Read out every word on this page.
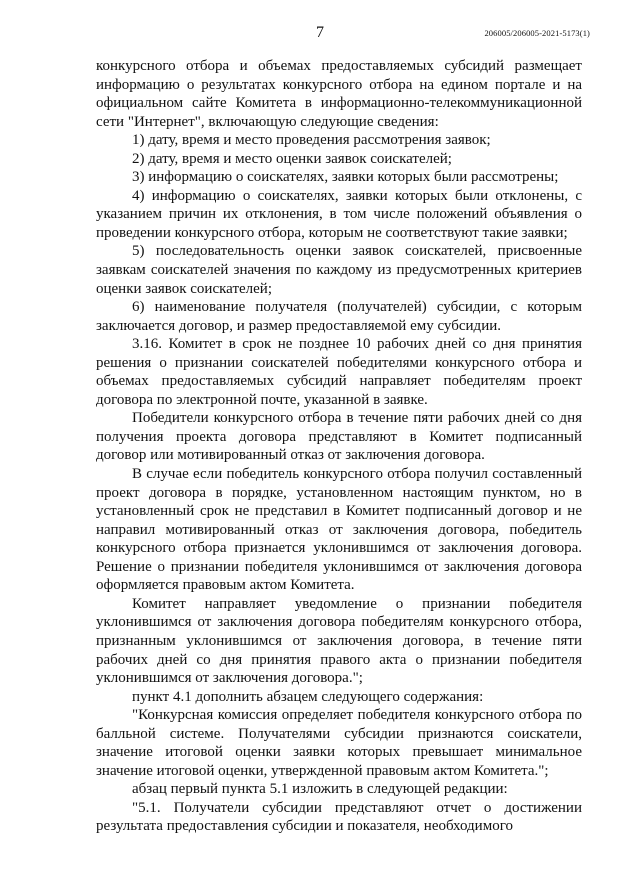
7	206005/206005-2021-5173(1)

конкурсного отбора и объемах предоставляемых субсидий размещает информацию о результатах конкурсного отбора на едином портале и на официальном сайте Комитета в информационно-телекоммуникационной сети "Интернет", включающую следующие сведения:

1) дату, время и место проведения рассмотрения заявок;

2) дату, время и место оценки заявок соискателей;

3) информацию о соискателях, заявки которых были рассмотрены;

4) информацию о соискателях, заявки которых были отклонены, с указанием причин их отклонения, в том числе положений объявления о проведении конкурсного отбора, которым не соответствуют такие заявки;

5) последовательность оценки заявок соискателей, присвоенные заявкам соискателей значения по каждому из предусмотренных критериев оценки заявок соискателей;

6) наименование получателя (получателей) субсидии, с которым заключается договор, и размер предоставляемой ему субсидии.

3.16. Комитет в срок не позднее 10 рабочих дней со дня принятия решения о признании соискателей победителями конкурсного отбора и объемах предоставляемых субсидий направляет победителям проект договора по электронной почте, указанной в заявке.

Победители конкурсного отбора в течение пяти рабочих дней со дня получения проекта договора представляют в Комитет подписанный договор или мотивированный отказ от заключения договора.

В случае если победитель конкурсного отбора получил составленный проект договора в порядке, установленном настоящим пунктом, но в установленный срок не представил в Комитет подписанный договор и не направил мотивированный отказ от заключения договора, победитель конкурсного отбора признается уклонившимся от заключения договора. Решение о признании победителя уклонившимся от заключения договора оформляется правовым актом Комитета.

Комитет направляет уведомление о признании победителя уклонившимся от заключения договора победителям конкурсного отбора, признанным уклонившимся от заключения договора, в течение пяти рабочих дней со дня принятия правого акта о признании победителя уклонившимся от заключения договора.";

пункт 4.1 дополнить абзацем следующего содержания:

"Конкурсная комиссия определяет победителя конкурсного отбора по балльной системе. Получателями субсидии признаются соискатели, значение итоговой оценки заявки которых превышает минимальное значение итоговой оценки, утвержденной правовым актом Комитета.";

абзац первый пункта 5.1 изложить в следующей редакции:

"5.1. Получатели субсидии представляют отчет о достижении результата предоставления субсидии и показателя, необходимого
